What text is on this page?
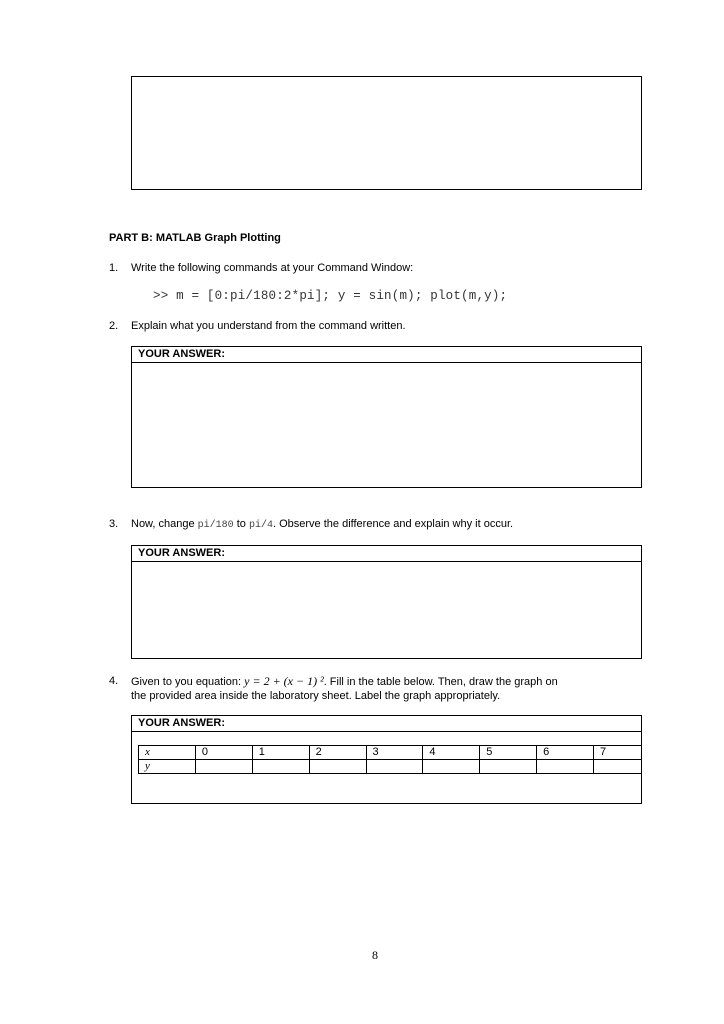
PART B: MATLAB Graph Plotting
1. Write the following commands at your Command Window:
>> m = [0:pi/180:2*pi]; y = sin(m); plot(m,y);
2. Explain what you understand from the command written.
YOUR ANSWER:
3. Now, change pi/180 to pi/4. Observe the difference and explain why it occur.
YOUR ANSWER:
4. Given to you equation: y = 2 + (x − 1) ². Fill in the table below. Then, draw the graph on
the provided area inside the laboratory sheet. Label the graph appropriately.
YOUR ANSWER:
x	0	1	2	3	4	5	6	7
y								
8
